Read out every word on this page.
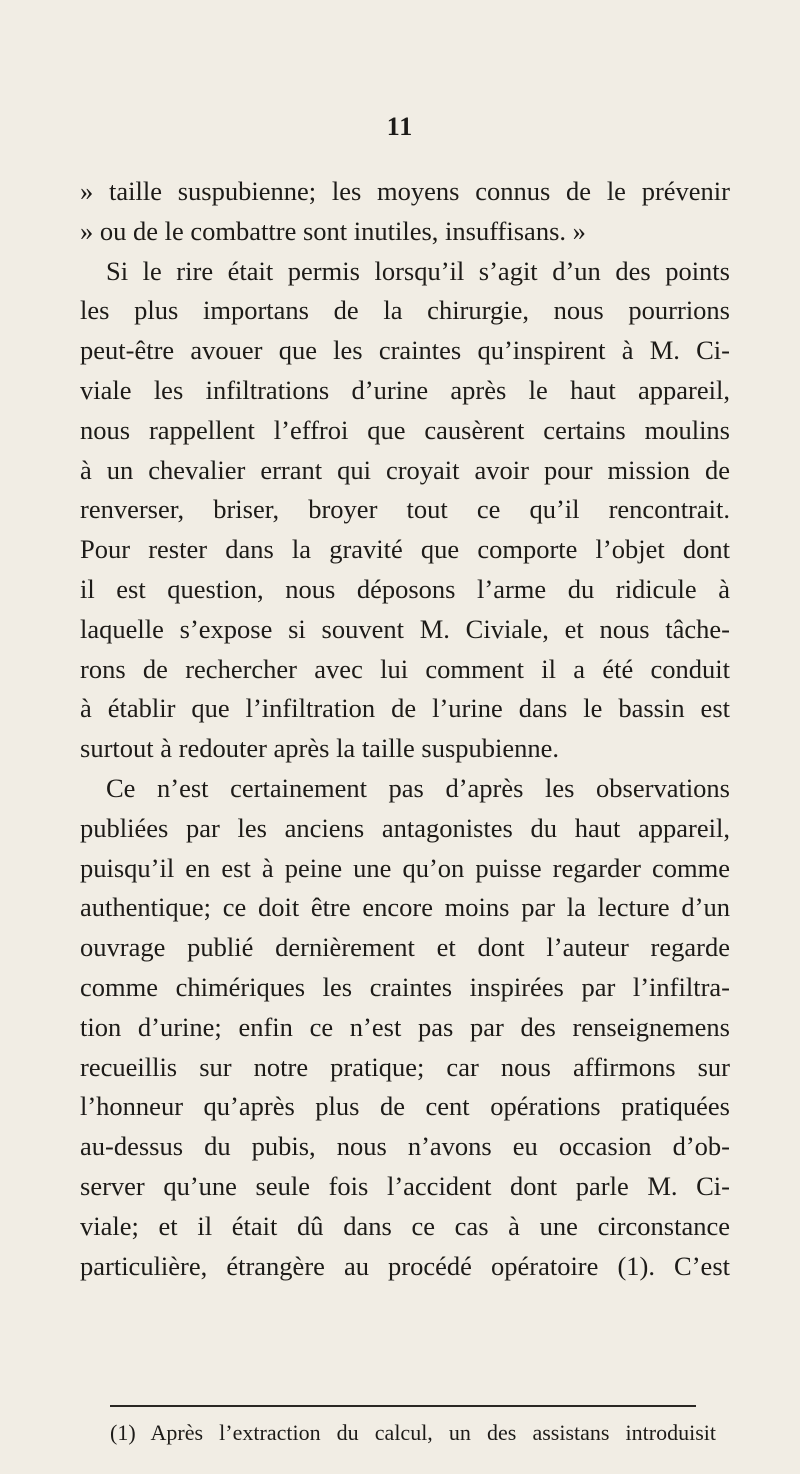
11
» taille suspubienne; les moyens connus de le prévenir
» ou de le combattre sont inutiles, insuffisans. »
Si le rire était permis lorsqu’il s’agit d’un des points
les plus importans de la chirurgie, nous pourrions
peut-être avouer que les craintes qu’inspirent à M. Ci-
viale les infiltrations d’urine après le haut appareil,
nous rappellent l’effroi que causèrent certains moulins
à un chevalier errant qui croyait avoir pour mission de
renverser, briser, broyer tout ce qu’il rencontrait.
Pour rester dans la gravité que comporte l’objet dont
il est question, nous déposons l’arme du ridicule à
laquelle s’expose si souvent M. Civiale, et nous tâche-
rons de rechercher avec lui comment il a été conduit
à établir que l’infiltration de l’urine dans le bassin est
surtout à redouter après la taille suspubienne.
Ce n’est certainement pas d’après les observations
publiées par les anciens antagonistes du haut appareil,
puisqu’il en est à peine une qu’on puisse regarder comme
authentique; ce doit être encore moins par la lecture d’un
ouvrage publié dernièrement et dont l’auteur regarde
comme chimériques les craintes inspirées par l’infiltra-
tion d’urine; enfin ce n’est pas par des renseignemens
recueillis sur notre pratique; car nous affirmons sur
l’honneur qu’après plus de cent opérations pratiquées
au-dessus du pubis, nous n’avons eu occasion d’ob-
server qu’une seule fois l’accident dont parle M. Ci-
viale; et il était dû dans ce cas à une circonstance
particulière, étrangère au procédé opératoire (1). C’est
(1) Après l’extraction du calcul, un des assistans introduisit
